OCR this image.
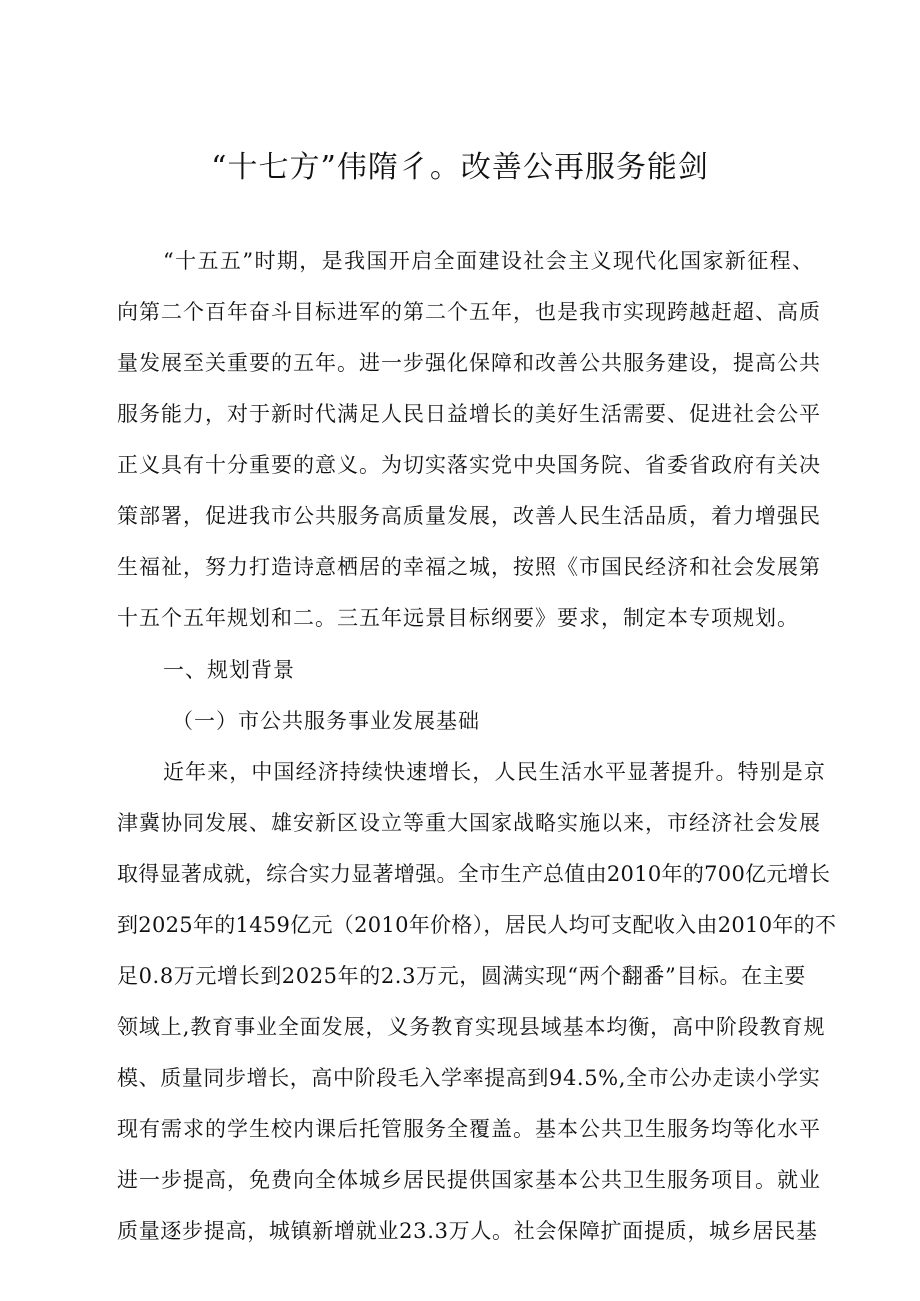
“十七方”伟隋彳。改善公再服务能剑
“十五五”时期，是我国开启全面建设社会主义现代化国家新征程、
向第二个百年奋斗目标进军的第二个五年，也是我市实现跨越赶超、高质
量发展至关重要的五年。进一步强化保障和改善公共服务建设，提高公共
服务能力，对于新时代满足人民日益增长的美好生活需要、促进社会公平
正义具有十分重要的意义。为切实落实党中央国务院、省委省政府有关决
策部署，促进我市公共服务高质量发展，改善人民生活品质，着力增强民
生福祉，努力打造诗意栖居的幸福之城，按照《市国民经济和社会发展第
十五个五年规划和二。三五年远景目标纲要》要求，制定本专项规划。
一、规划背景
（一）市公共服务事业发展基础
近年来，中国经济持续快速增长，人民生活水平显著提升。特别是京
津冀协同发展、雄安新区设立等重大国家战略实施以来，市经济社会发展
取得显著成就，综合实力显著增强。全市生产总值由2010年的700亿元增长
到2025年的1459亿元（2010年价格），居民人均可支配收入由2010年的不
足0.8万元增长到2025年的2.3万元，圆满实现“两个翻番”目标。在主要
领域上,教育事业全面发展，义务教育实现县域基本均衡，高中阶段教育规
模、质量同步增长，高中阶段毛入学率提高到94.5%,全市公办走读小学实
现有需求的学生校内课后托管服务全覆盖。基本公共卫生服务均等化水平
进一步提高，免费向全体城乡居民提供国家基本公共卫生服务项目。就业
质量逐步提高，城镇新增就业23.3万人。社会保障扩面提质，城乡居民基
